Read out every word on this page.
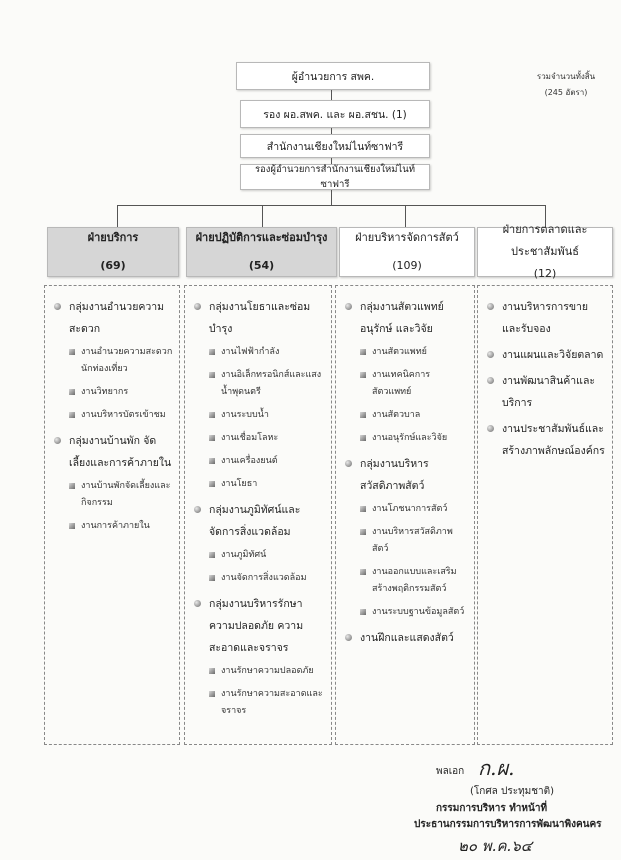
ผู้อำนวยการ สพค.
รอง ผอ.สพค. และ ผอ.สชน. (1)
สำนักงานเชียงใหม่ไนท์ซาฟารี
รองผู้อำนวยการสำนักงานเชียงใหม่ไนท์ซาฟารี
รวมจำนวนทั้งสิ้น
(245 อัตรา)
ฝ่ายบริการ
(69)
ฝ่ายปฏิบัติการและซ่อมบำรุง
(54)
ฝ่ายบริหารจัดการสัตว์
(109)
ฝ่ายการตลาดและประชาสัมพันธ์
(12)
กลุ่มงานอำนวยความสะดวก
งานอำนวยความสะดวกนักท่องเที่ยว
งานวิทยากร
งานบริหารบัตรเข้าชม
กลุ่มงานบ้านพัก จัดเลี้ยงและการค้าภายใน
งานบ้านพักจัดเลี้ยงและกิจกรรม
งานการค้าภายใน
กลุ่มงานโยธาและซ่อมบำรุง
งานไฟฟ้ากำลัง
งานอิเล็กทรอนิกส์และแสงน้ำพุดนตรี
งานระบบน้ำ
งานเชื่อมโลหะ
งานเครื่องยนต์
งานโยธา
กลุ่มงานภูมิทัศน์และจัดการสิ่งแวดล้อม
งานภูมิทัศน์
งานจัดการสิ่งแวดล้อม
กลุ่มงานบริหารรักษาความปลอดภัย ความสะอาดและจราจร
งานรักษาความปลอดภัย
งานรักษาความสะอาดและจราจร
กลุ่มงานสัตวแพทย์ อนุรักษ์ และวิจัย
งานสัตวแพทย์
งานเทคนิคการสัตวแพทย์
งานสัตวบาล
งานอนุรักษ์และวิจัย
กลุ่มงานบริหารสวัสดิภาพสัตว์
งานโภชนาการสัตว์
งานบริหารสวัสดิภาพสัตว์
งานออกแบบและเสริมสร้างพฤติกรรมสัตว์
งานระบบฐานข้อมูลสัตว์
งานฝึกและแสดงสัตว์
งานบริหารการขายและรับจอง
งานแผนและวิจัยตลาด
งานพัฒนาสินค้าและบริการ
งานประชาสัมพันธ์และสร้างภาพลักษณ์องค์กร
พลเอก ก.ผ.
(โกศล ประทุมชาติ)
กรรมการบริหาร ทำหน้าที่
ประธานกรรมการบริหารการพัฒนาพิงคนคร
๒๐ พ.ค.๖๔
